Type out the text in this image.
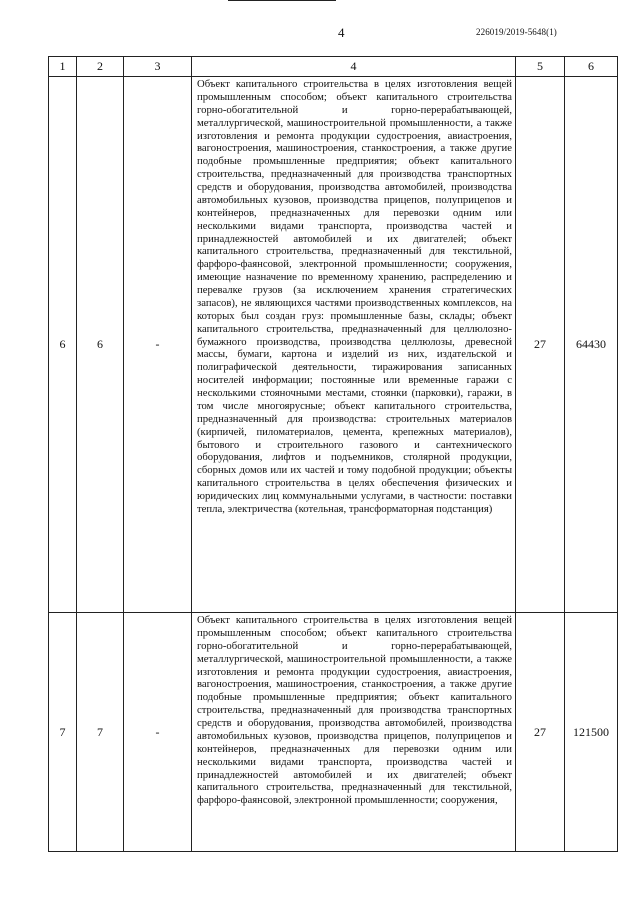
4	226019/2019-5648(1)
1	2	3	4	5	6
6	6	-	Объект капитального строительства в целях изготовления вещей промышленным способом; объект капитального строительства горно-обогатительной и горно-перерабатывающей, металлургической, машиностроительной промышленности, а также изготовления и ремонта продукции судостроения, авиастроения, вагоностроения, машиностроения, станкостроения, а также другие подобные промышленные предприятия; объект капитального строительства, предназначенный для производства транспортных средств и оборудования, производства автомобилей, производства автомобильных кузовов, производства прицепов, полуприцепов и контейнеров, предназначенных для перевозки одним или несколькими видами транспорта, производства частей и принадлежностей автомобилей и их двигателей; объект капитального строительства, предназначенный для текстильной, фарфоро-фаянсовой, электронной промышленности; сооружения, имеющие назначение по временному хранению, распределению и перевалке грузов (за исключением хранения стратегических запасов), не являющихся частями производственных комплексов, на которых был создан груз: промышленные базы, склады; объект капитального строительства, предназначенный для целлюлозно-бумажного производства, производства целлюлозы, древесной массы, бумаги, картона и изделий из них, издательской и полиграфической деятельности, тиражирования записанных носителей информации; постоянные или временные гаражи с несколькими стояночными местами, стоянки (парковки), гаражи, в том числе многоярусные; объект капитального строительства, предназначенный для производства: строительных материалов (кирпичей, пиломатериалов, цемента, крепежных материалов), бытового и строительного газового и сантехнического оборудования, лифтов и подъемников, столярной продукции, сборных домов или их частей и тому подобной продукции; объекты капитального строительства в целях обеспечения физических и юридических лиц коммунальными услугами, в частности: поставки тепла, электричества (котельная, трансформаторная подстанция)	27	64430
7	7	-	Объект капитального строительства в целях изготовления вещей промышленным способом; объект капитального строительства горно-обогатительной и горно-перерабатывающей, металлургической, машиностроительной промышленности, а также изготовления и ремонта продукции судостроения, авиастроения, вагоностроения, машиностроения, станкостроения, а также другие подобные промышленные предприятия; объект капитального строительства, предназначенный для производства транспортных средств и оборудования, производства автомобилей, производства автомобильных кузовов, производства прицепов, полуприцепов и контейнеров, предназначенных для перевозки одним или несколькими видами транспорта, производства частей и принадлежностей автомобилей и их двигателей; объект капитального строительства, предназначенный для текстильной, фарфоро-фаянсовой, электронной промышленности; сооружения,	27	121500
